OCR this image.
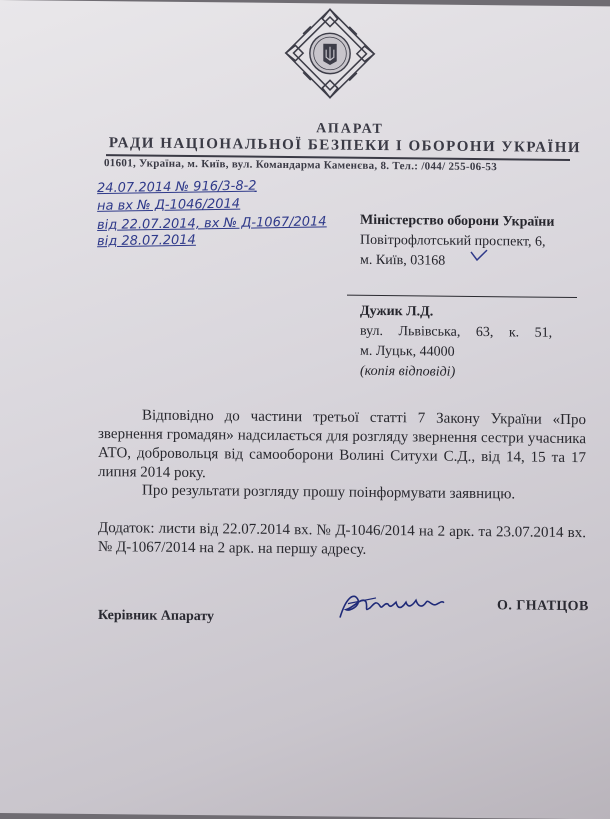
АПАРАТ
РАДИ НАЦІОНАЛЬНОЇ БЕЗПЕКИ І ОБОРОНИ УКРАЇНИ
01601, Україна, м. Київ, вул. Командарма Каменєва, 8. Тел.: /044/ 255-06-53
24.07.2014 № 916/3-8-2
на вх № Д-1046/2014
від 22.07.2014, вх № Д-1067/2014
від 28.07.2014
Міністерство оборони України
Повітрофлотський проспект, 6,
м. Київ, 03168
Дужик Л.Д.
вул. Львівська, 63, к. 51,
м. Луцьк, 44000
(копія відповіді)
Відповідно до частини третьої статті 7 Закону України «Про звернення громадян» надсилається для розгляду звернення сестри учасника АТО, добровольця від самооборони Волині Ситухи С.Д., від 14, 15 та 17 липня 2014 року.
Про результати розгляду прошу поінформувати заявницю.
Додаток: листи від 22.07.2014 вх. № Д-1046/2014 на 2 арк. та 23.07.2014 вх. № Д-1067/2014 на 2 арк. на першу адресу.
Керівник Апарату
О. ГНАТЦОВ
